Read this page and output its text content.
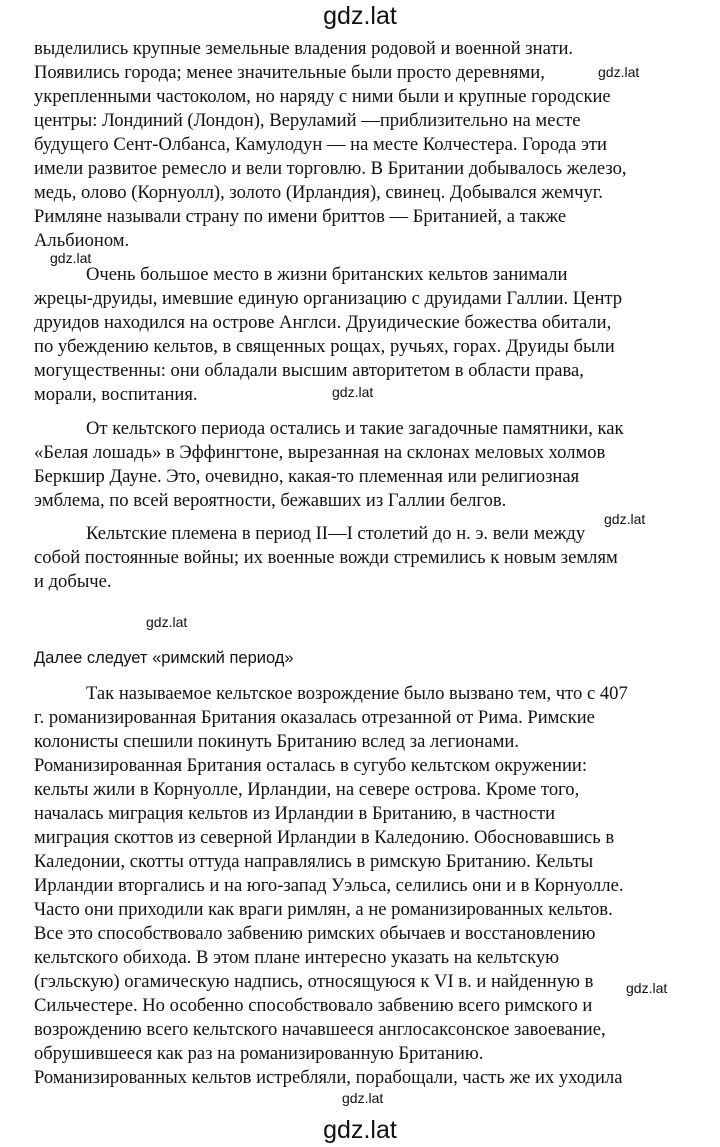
gdz.lat
выделились крупные земельные владения родовой и военной знати.
Появились города; менее значительные были просто деревнями,
укрепленными частоколом, но наряду с ними были и крупные городские
центры: Лондиний (Лондон), Веруламий —приблизительно на месте
будущего Сент-Олбанса, Камулодун — на месте Колчестера. Города эти
имели развитое ремесло и вели торговлю. В Британии добывалось железо,
медь, олово (Корнуолл), золото (Ирландия), свинец. Добывался жемчуг.
Римляне называли страну по имени бриттов — Британией, а также
Альбионом.
Очень большое место в жизни британских кельтов занимали
жрецы-друиды, имевшие единую организацию с друидами Галлии. Центр
друидов находился на острове Англси. Друидические божества обитали,
по убеждению кельтов, в священных рощах, ручьях, горах. Друиды были
могущественны: они обладали высшим авторитетом в области права,
морали, воспитания.
От кельтского периода остались и такие загадочные памятники, как
«Белая лошадь» в Эффингтоне, вырезанная на склонах меловых холмов
Беркшир Дауне. Это, очевидно, какая-то племенная или религиозная
эмблема, по всей вероятности, бежавших из Галлии белгов.
Кельтские племена в период II—I столетий до н. э. вели между
собой постоянные войны; их военные вожди стремились к новым землям
и добыче.
Далее следует «римский период»
Так называемое кельтское возрождение было вызвано тем, что с 407
г. романизированная Британия оказалась отрезанной от Рима. Римские
колонисты спешили покинуть Британию вслед за легионами.
Романизированная Британия осталась в сугубо кельтском окружении:
кельты жили в Корнуолле, Ирландии, на севере острова. Кроме того,
началась миграция кельтов из Ирландии в Британию, в частности
миграция скоттов из северной Ирландии в Каледонию. Обосновавшись в
Каледонии, скотты оттуда направлялись в римскую Британию. Кельты
Ирландии вторгались и на юго-запад Уэльса, селились они и в Корнуолле.
Часто они приходили как враги римлян, а не романизированных кельтов.
Все это способствовало забвению римских обычаев и восстановлению
кельтского обихода. В этом плане интересно указать на кельтскую
(гэльскую) огамическую надпись, относящуюся к VI в. и найденную в
Сильчестере. Но особенно способствовало забвению всего римского и
возрождению всего кельтского начавшееся англосаксонское завоевание,
обрушившееся как раз на романизированную Британию.
Романизированных кельтов истребляли, порабощали, часть же их уходила
gdz.lat
gdz.lat
gdz.lat
gdz.lat
gdz.lat
gdz.lat
gdz.lat
gdz.lat
